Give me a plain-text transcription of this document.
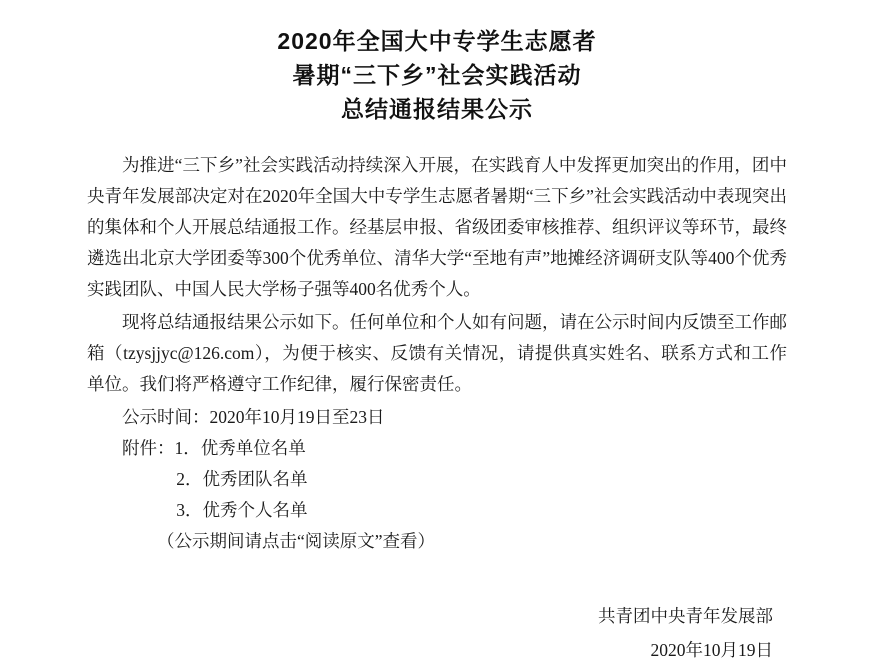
2020年全国大中专学生志愿者
暑期“三下乡”社会实践活动
总结通报结果公示

为推进“三下乡”社会实践活动持续深入开展，在实践育人中发挥更加突出的作用，团中央青年发展部决定对在2020年全国大中专学生志愿者暑期“三下乡”社会实践活动中表现突出的集体和个人开展总结通报工作。经基层申报、省级团委审核推荐、组织评议等环节，最终遴选出北京大学团委等300个优秀单位、清华大学“至地有声”地摊经济调研支队等400个优秀实践团队、中国人民大学杨子强等400名优秀个人。

现将总结通报结果公示如下。任何单位和个人如有问题，请在公示时间内反馈至工作邮箱（tzysjjyc@126.com），为便于核实、反馈有关情况，请提供真实姓名、联系方式和工作单位。我们将严格遵守工作纪律，履行保密责任。

公示时间：2020年10月19日至23日

附件：1．优秀单位名单

2．优秀团队名单

3．优秀个人名单

（公示期间请点击“阅读原文”查看）

共青团中央青年发展部
2020年10月19日
